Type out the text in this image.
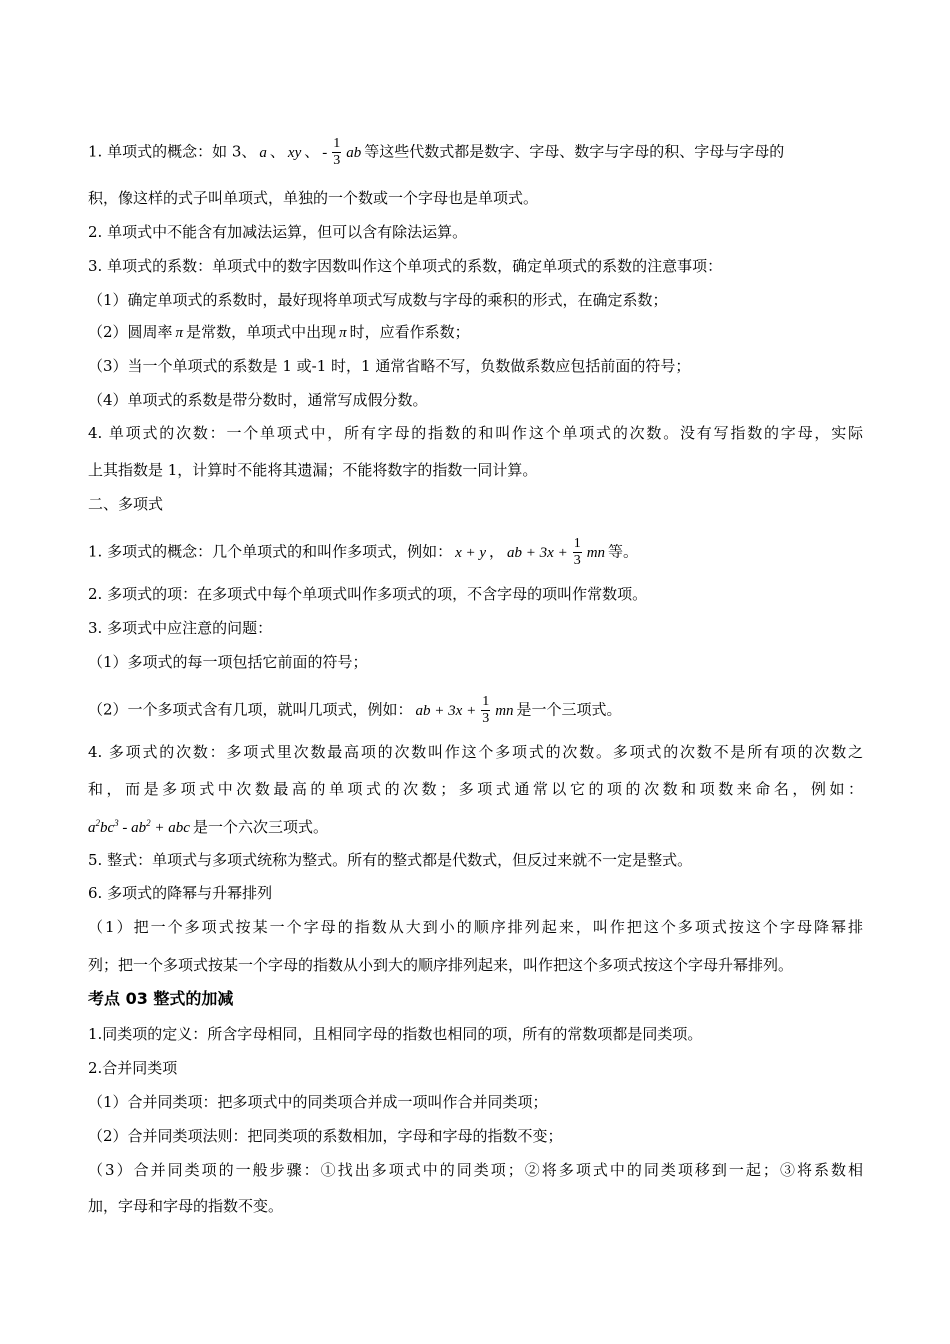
1. 单项式的概念：如 3、 a 、 xy 、 - $\frac{1}{3}$ ab 等这些代数式都是数字、字母、数字与字母的积、字母与字母的
积，像这样的式子叫单项式，单独的一个数或一个字母也是单项式。
2. 单项式中不能含有加减法运算，但可以含有除法运算。
3. 单项式的系数：单项式中的数字因数叫作这个单项式的系数，确定单项式的系数的注意事项：
（1）确定单项式的系数时，最好现将单项式写成数与字母的乘积的形式，在确定系数；
（2）圆周率 π 是常数，单项式中出现 π 时，应看作系数；
（3）当一个单项式的系数是 1 或-1 时，1 通常省略不写，负数做系数应包括前面的符号；
（4）单项式的系数是带分数时，通常写成假分数。
4. 单项式的次数：一个单项式中，所有字母的指数的和叫作这个单项式的次数。没有写指数的字母，实际
上其指数是 1，计算时不能将其遗漏；不能将数字的指数一同计算。
二、多项式
1. 多项式的概念：几个单项式的和叫作多项式，例如： x + y ， ab + $3x + \frac{1}{3}$ mn 等。
2. 多项式的项：在多项式中每个单项式叫作多项式的项，不含字母的项叫作常数项。
3. 多项式中应注意的问题：
（1）多项式的每一项包括它前面的符号；
（2）一个多项式含有几项，就叫几项式，例如： ab + $3x + \frac{1}{3}$ mn 是一个三项式。
4. 多项式的次数：多项式里次数最高项的次数叫作这个多项式的次数。多项式的次数不是所有项的次数之
和，而是多项式中次数最高的单项式的次数；多项式通常以它的项的次数和项数来命名，例如：
$a^2bc^3 - ab^2$ + abc 是一个六次三项式。
5. 整式：单项式与多项式统称为整式。所有的整式都是代数式，但反过来就不一定是整式。
6. 多项式的降幂与升幂排列
（1）把一个多项式按某一个字母的指数从大到小的顺序排列起来，叫作把这个多项式按这个字母降幂排
列；把一个多项式按某一个字母的指数从小到大的顺序排列起来，叫作把这个多项式按这个字母升幂排列。
考点 03 整式的加减
1.同类项的定义：所含字母相同，且相同字母的指数也相同的项，所有的常数项都是同类项。
2.合并同类项
（1）合并同类项：把多项式中的同类项合并成一项叫作合并同类项；
（2）合并同类项法则：把同类项的系数相加，字母和字母的指数不变；
（3）合并同类项的一般步骤：①找出多项式中的同类项；②将多项式中的同类项移到一起；③将系数相
加，字母和字母的指数不变。
